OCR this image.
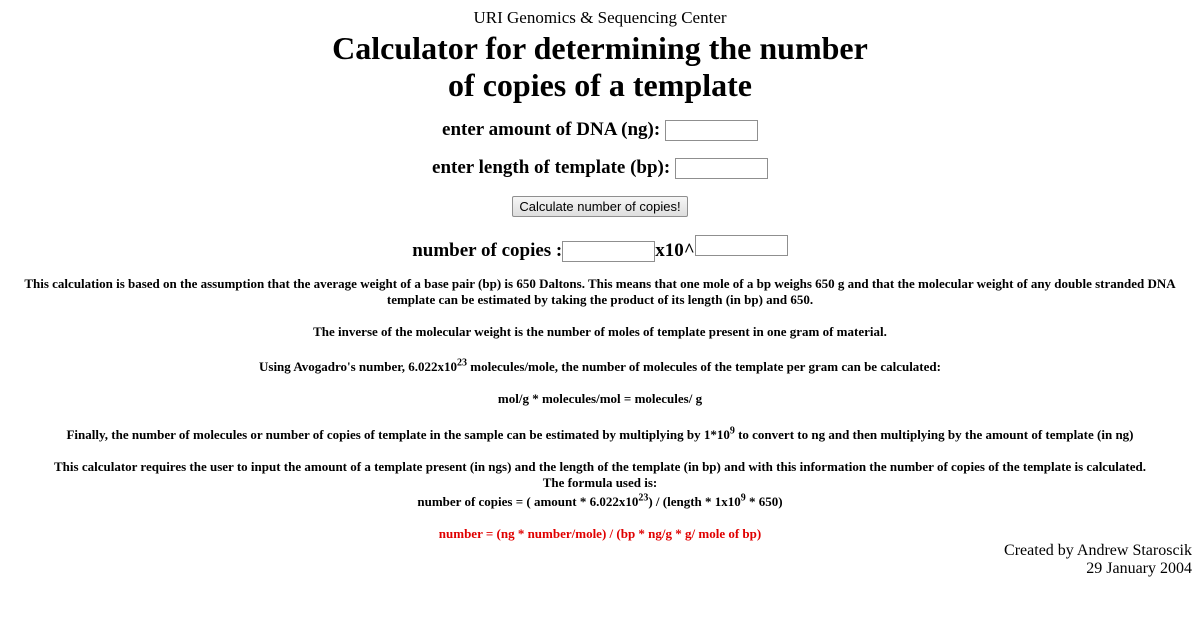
URI Genomics & Sequencing Center
Calculator for determining the number
of copies of a template
enter amount of DNA (ng):
enter length of template (bp):
Calculate number of copies!
number of copies :	x10^
This calculation is based on the assumption that the average weight of a base pair (bp) is 650 Daltons. This means that one mole of a bp weighs 650 g and that the molecular weight of any double stranded DNA
template can be estimated by taking the product of its length (in bp) and 650.
The inverse of the molecular weight is the number of moles of template present in one gram of material.
Using Avogadro's number, $6.022x10^{23}$ molecules/mole, the number of molecules of the template per gram can be calculated:
mol/g * molecules/mol = molecules/ g
Finally, the number of molecules or number of copies of template in the sample can be estimated by multiplying by $1*10^9$ to convert to ng and then multiplying by the amount of template (in ng)
This calculator requires the user to input the amount of a template present (in ngs) and the length of the template (in bp) and with this information the number of copies of the template is calculated.
The formula used is:
number of copies = ( amount * $6.022x10^{23}$) / (length * $1x10^9 * 650$)
number = (ng * number/mole) / (bp * ng/g * g/ mole of bp)
Created by Andrew Staroscik
29 January 2004
